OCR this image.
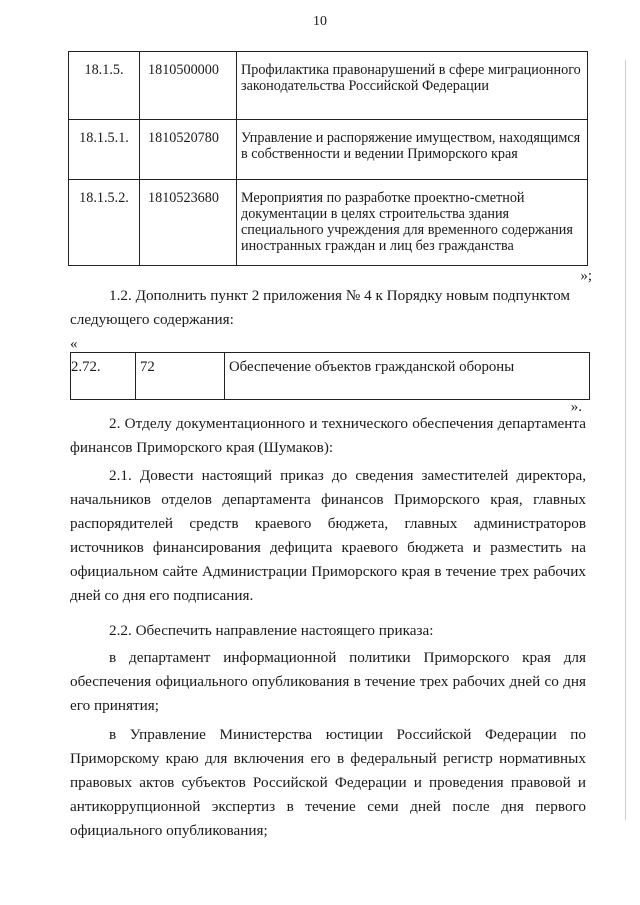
10
18.1.5.	1810500000	Профилактика правонарушений в сфере миграционного законодательства Российской Федерации
18.1.5.1.	1810520780	Управление и распоряжение имуществом, находящимся в собственности и ведении Приморского края
18.1.5.2.	1810523680	Мероприятия по разработке проектно-сметной документации в целях строительства здания специального учреждения для временного содержания иностранных граждан и лиц без гражданства
»;

1.2. Дополнить пункт 2 приложения № 4 к Порядку новым подпунктом следующего содержания:

«
2.72.	72	Обеспечение объектов гражданской обороны
».

2. Отделу документационного и технического обеспечения департамента финансов Приморского края (Шумаков):

2.1. Довести настоящий приказ до сведения заместителей директора, начальников отделов департамента финансов Приморского края, главных распорядителей средств краевого бюджета, главных администраторов источников финансирования дефицита краевого бюджета и разместить на официальном сайте Администрации Приморского края в течение трех рабочих дней со дня его подписания.

2.2. Обеспечить направление настоящего приказа:

в департамент информационной политики Приморского края для обеспечения официального опубликования в течение трех рабочих дней со дня его принятия;

в Управление Министерства юстиции Российской Федерации по Приморскому краю для включения его в федеральный регистр нормативных правовых актов субъектов Российской Федерации и проведения правовой и антикоррупционной экспертиз в течение семи дней после дня первого официального опубликования;
